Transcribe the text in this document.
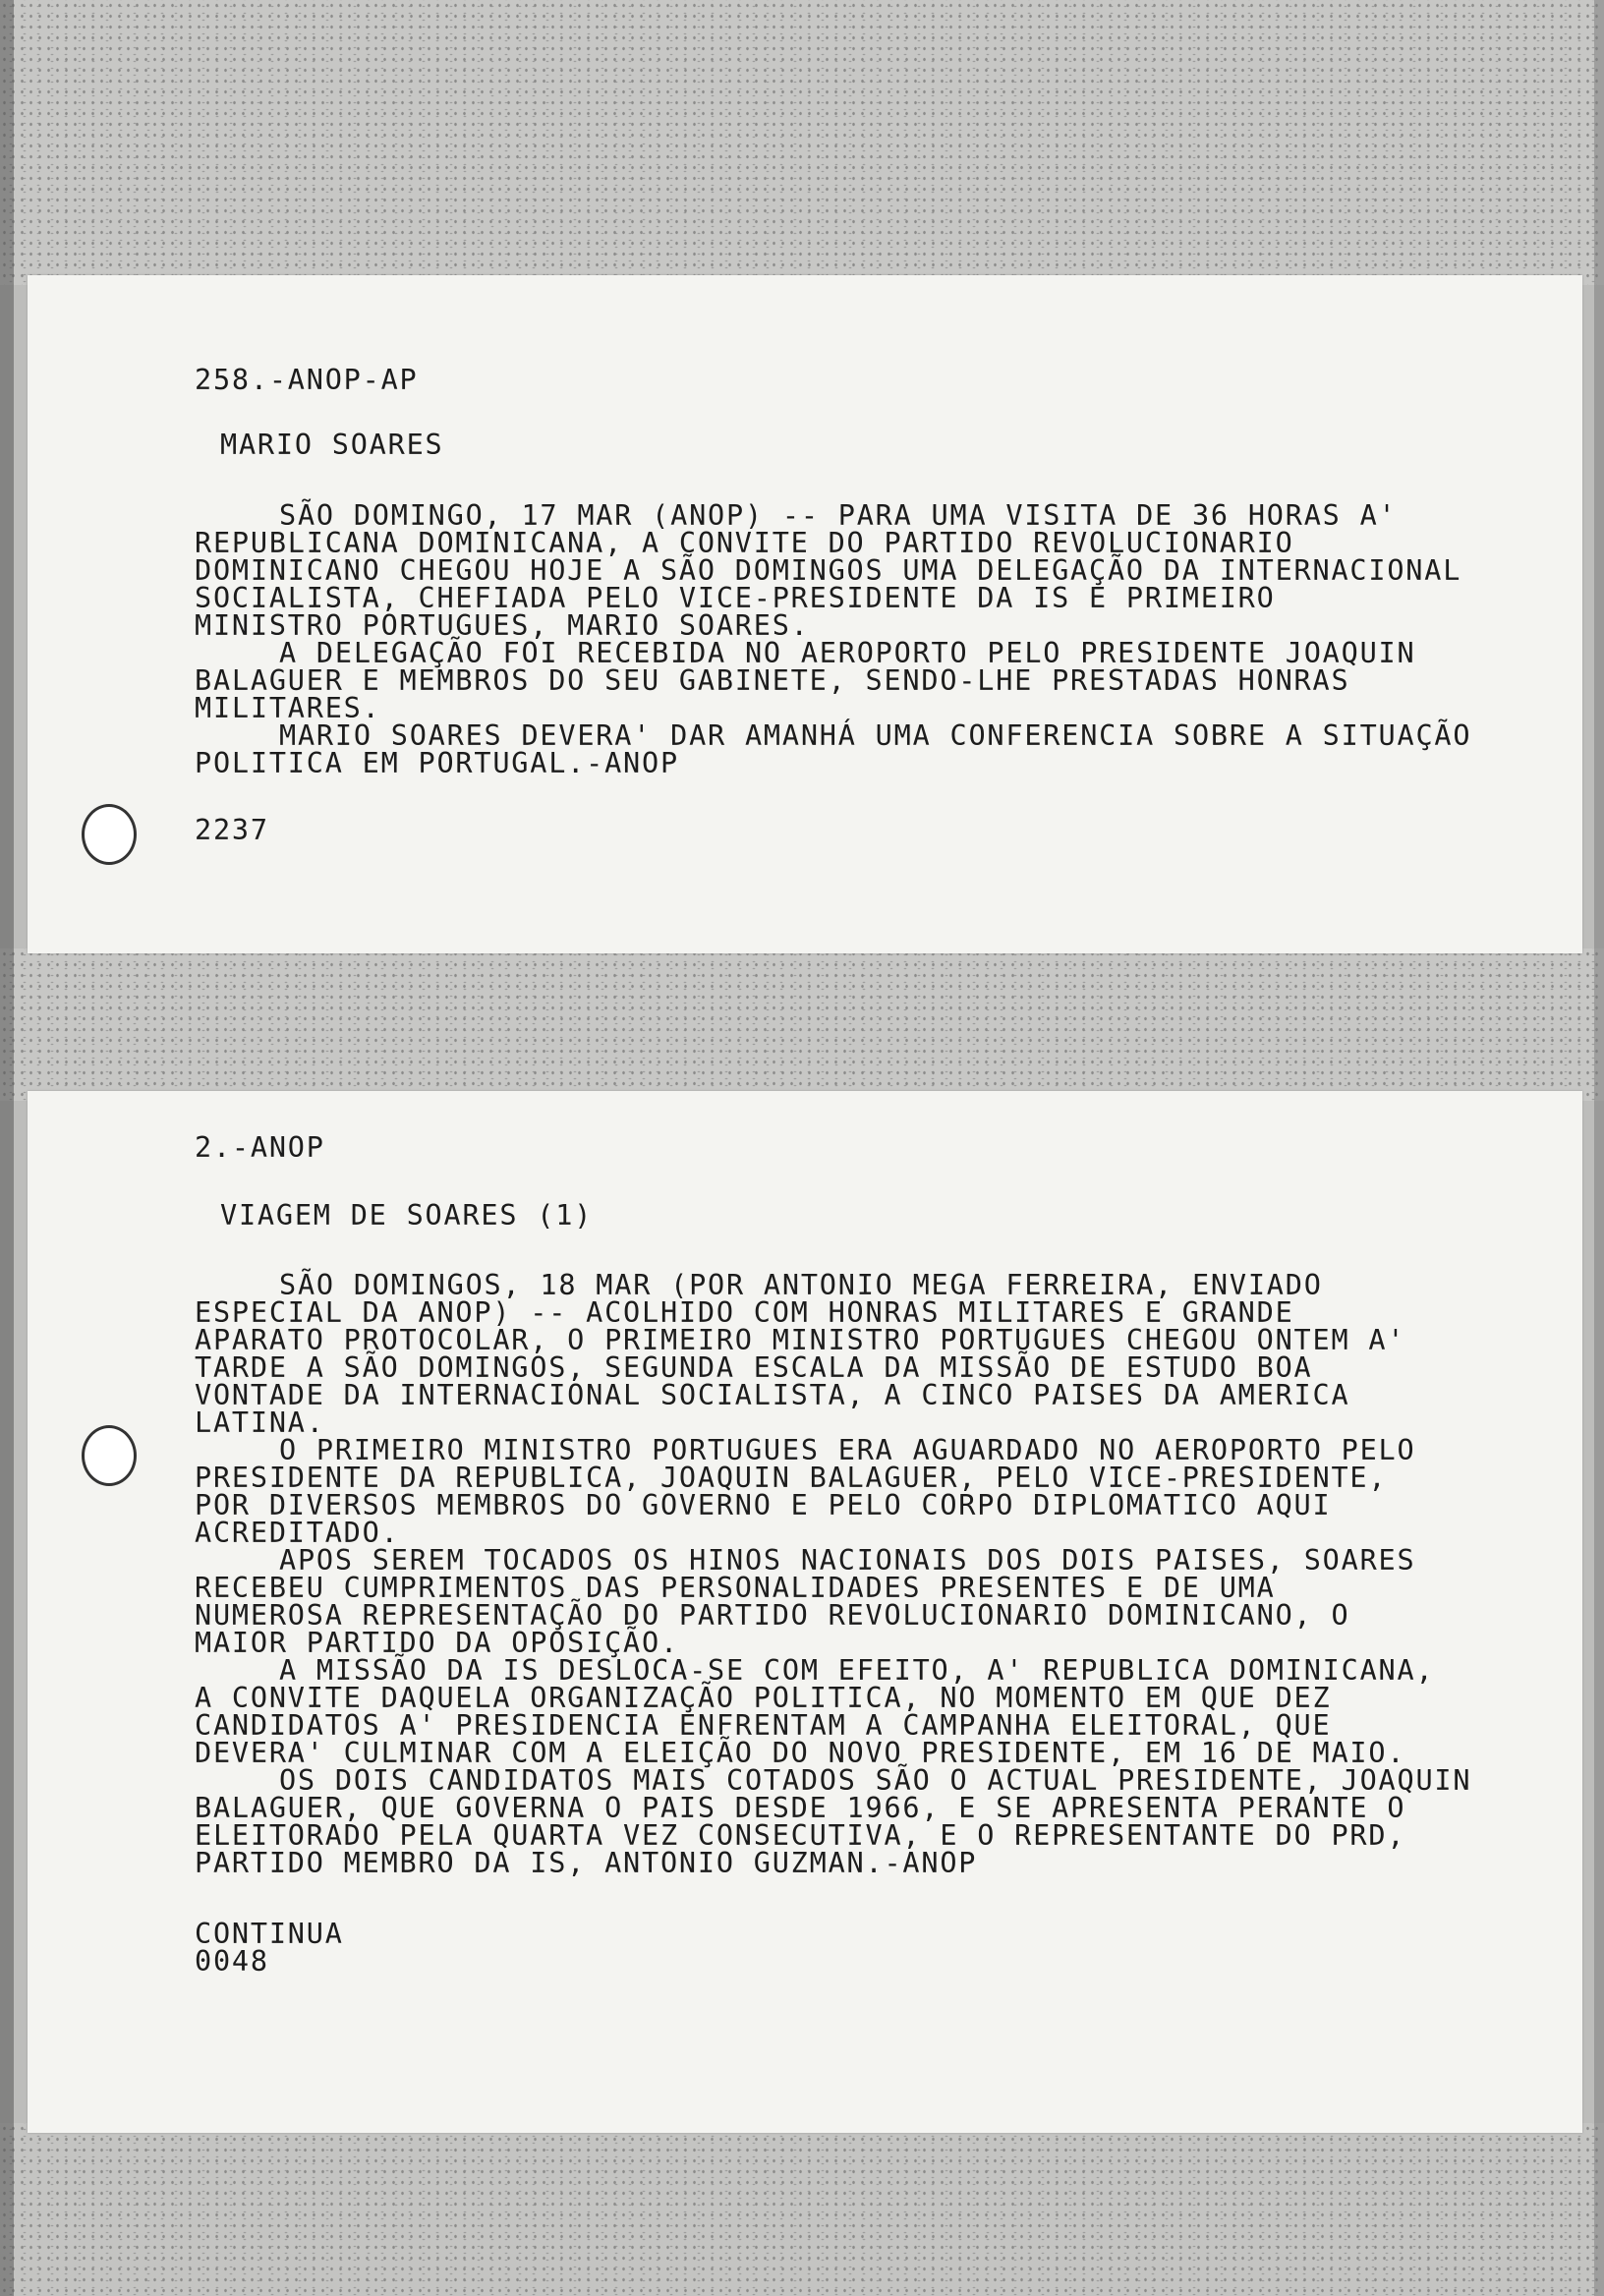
258.-ANOP-AP

MARIO SOARES

SÃO DOMINGO, 17 MAR (ANOP) -- PARA UMA VISITA DE 36 HORAS A'

REPUBLICANA DOMINICANA, A CONVITE DO PARTIDO REVOLUCIONARIO

DOMINICANO CHEGOU HOJE A SÃO DOMINGOS UMA DELEGAÇÃO DA INTERNACIONAL

SOCIALISTA, CHEFIADA PELO VICE-PRESIDENTE DA IS E PRIMEIRO

MINISTRO PORTUGUES, MARIO SOARES.

A DELEGAÇÃO FOI RECEBIDA NO AEROPORTO PELO PRESIDENTE JOAQUIN

BALAGUER E MEMBROS DO SEU GABINETE, SENDO-LHE PRESTADAS HONRAS

MILITARES.

MARIO SOARES DEVERA' DAR AMANHÁ UMA CONFERENCIA SOBRE A SITUAÇÃO

POLITICA EM PORTUGAL.-ANOP

2237

2.-ANOP

VIAGEM DE SOARES (1)

SÃO DOMINGOS, 18 MAR (POR ANTONIO MEGA FERREIRA, ENVIADO

ESPECIAL DA ANOP) -- ACOLHIDO COM HONRAS MILITARES E GRANDE

APARATO PROTOCOLAR, O PRIMEIRO MINISTRO PORTUGUES CHEGOU ONTEM A'

TARDE A SÃO DOMINGOS, SEGUNDA ESCALA DA MISSÃO DE ESTUDO BOA

VONTADE DA INTERNACIONAL SOCIALISTA, A CINCO PAISES DA AMERICA

LATINA.

O PRIMEIRO MINISTRO PORTUGUES ERA AGUARDADO NO AEROPORTO PELO

PRESIDENTE DA REPUBLICA, JOAQUIN BALAGUER, PELO VICE-PRESIDENTE,

POR DIVERSOS MEMBROS DO GOVERNO E PELO CORPO DIPLOMATICO AQUI

ACREDITADO.

APOS SEREM TOCADOS OS HINOS NACIONAIS DOS DOIS PAISES, SOARES

RECEBEU CUMPRIMENTOS DAS PERSONALIDADES PRESENTES E DE UMA

NUMEROSA REPRESENTAÇÃO DO PARTIDO REVOLUCIONARIO DOMINICANO, O

MAIOR PARTIDO DA OPOSIÇÃO.

A MISSÃO DA IS DESLOCA-SE COM EFEITO, A' REPUBLICA DOMINICANA,

A CONVITE DAQUELA ORGANIZAÇÃO POLITICA, NO MOMENTO EM QUE DEZ

CANDIDATOS A' PRESIDENCIA ENFRENTAM A CAMPANHA ELEITORAL, QUE

DEVERA' CULMINAR COM A ELEIÇÃO DO NOVO PRESIDENTE, EM 16 DE MAIO.

OS DOIS CANDIDATOS MAIS COTADOS SÃO O ACTUAL PRESIDENTE, JOAQUIN

BALAGUER, QUE GOVERNA O PAIS DESDE 1966, E SE APRESENTA PERANTE O

ELEITORADO PELA QUARTA VEZ CONSECUTIVA, E O REPRESENTANTE DO PRD,

PARTIDO MEMBRO DA IS, ANTONIO GUZMAN.-ANOP

CONTINUA

0048
